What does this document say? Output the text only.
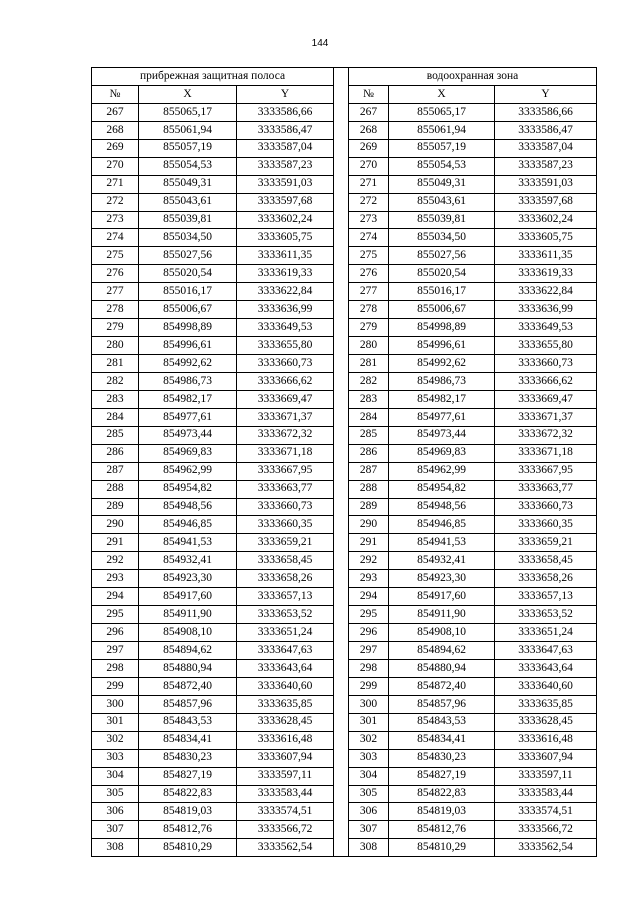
144
прибрежная защитная полоса				водоохранная зона		
№	X	Y		№	X	Y
267	855065,17	3333586,66		267	855065,17	3333586,66
268	855061,94	3333586,47		268	855061,94	3333586,47
269	855057,19	3333587,04		269	855057,19	3333587,04
270	855054,53	3333587,23		270	855054,53	3333587,23
271	855049,31	3333591,03		271	855049,31	3333591,03
272	855043,61	3333597,68		272	855043,61	3333597,68
273	855039,81	3333602,24		273	855039,81	3333602,24
274	855034,50	3333605,75		274	855034,50	3333605,75
275	855027,56	3333611,35		275	855027,56	3333611,35
276	855020,54	3333619,33		276	855020,54	3333619,33
277	855016,17	3333622,84		277	855016,17	3333622,84
278	855006,67	3333636,99		278	855006,67	3333636,99
279	854998,89	3333649,53		279	854998,89	3333649,53
280	854996,61	3333655,80		280	854996,61	3333655,80
281	854992,62	3333660,73		281	854992,62	3333660,73
282	854986,73	3333666,62		282	854986,73	3333666,62
283	854982,17	3333669,47		283	854982,17	3333669,47
284	854977,61	3333671,37		284	854977,61	3333671,37
285	854973,44	3333672,32		285	854973,44	3333672,32
286	854969,83	3333671,18		286	854969,83	3333671,18
287	854962,99	3333667,95		287	854962,99	3333667,95
288	854954,82	3333663,77		288	854954,82	3333663,77
289	854948,56	3333660,73		289	854948,56	3333660,73
290	854946,85	3333660,35		290	854946,85	3333660,35
291	854941,53	3333659,21		291	854941,53	3333659,21
292	854932,41	3333658,45		292	854932,41	3333658,45
293	854923,30	3333658,26		293	854923,30	3333658,26
294	854917,60	3333657,13		294	854917,60	3333657,13
295	854911,90	3333653,52		295	854911,90	3333653,52
296	854908,10	3333651,24		296	854908,10	3333651,24
297	854894,62	3333647,63		297	854894,62	3333647,63
298	854880,94	3333643,64		298	854880,94	3333643,64
299	854872,40	3333640,60		299	854872,40	3333640,60
300	854857,96	3333635,85		300	854857,96	3333635,85
301	854843,53	3333628,45		301	854843,53	3333628,45
302	854834,41	3333616,48		302	854834,41	3333616,48
303	854830,23	3333607,94		303	854830,23	3333607,94
304	854827,19	3333597,11		304	854827,19	3333597,11
305	854822,83	3333583,44		305	854822,83	3333583,44
306	854819,03	3333574,51		306	854819,03	3333574,51
307	854812,76	3333566,72		307	854812,76	3333566,72
308	854810,29	3333562,54		308	854810,29	3333562,54
